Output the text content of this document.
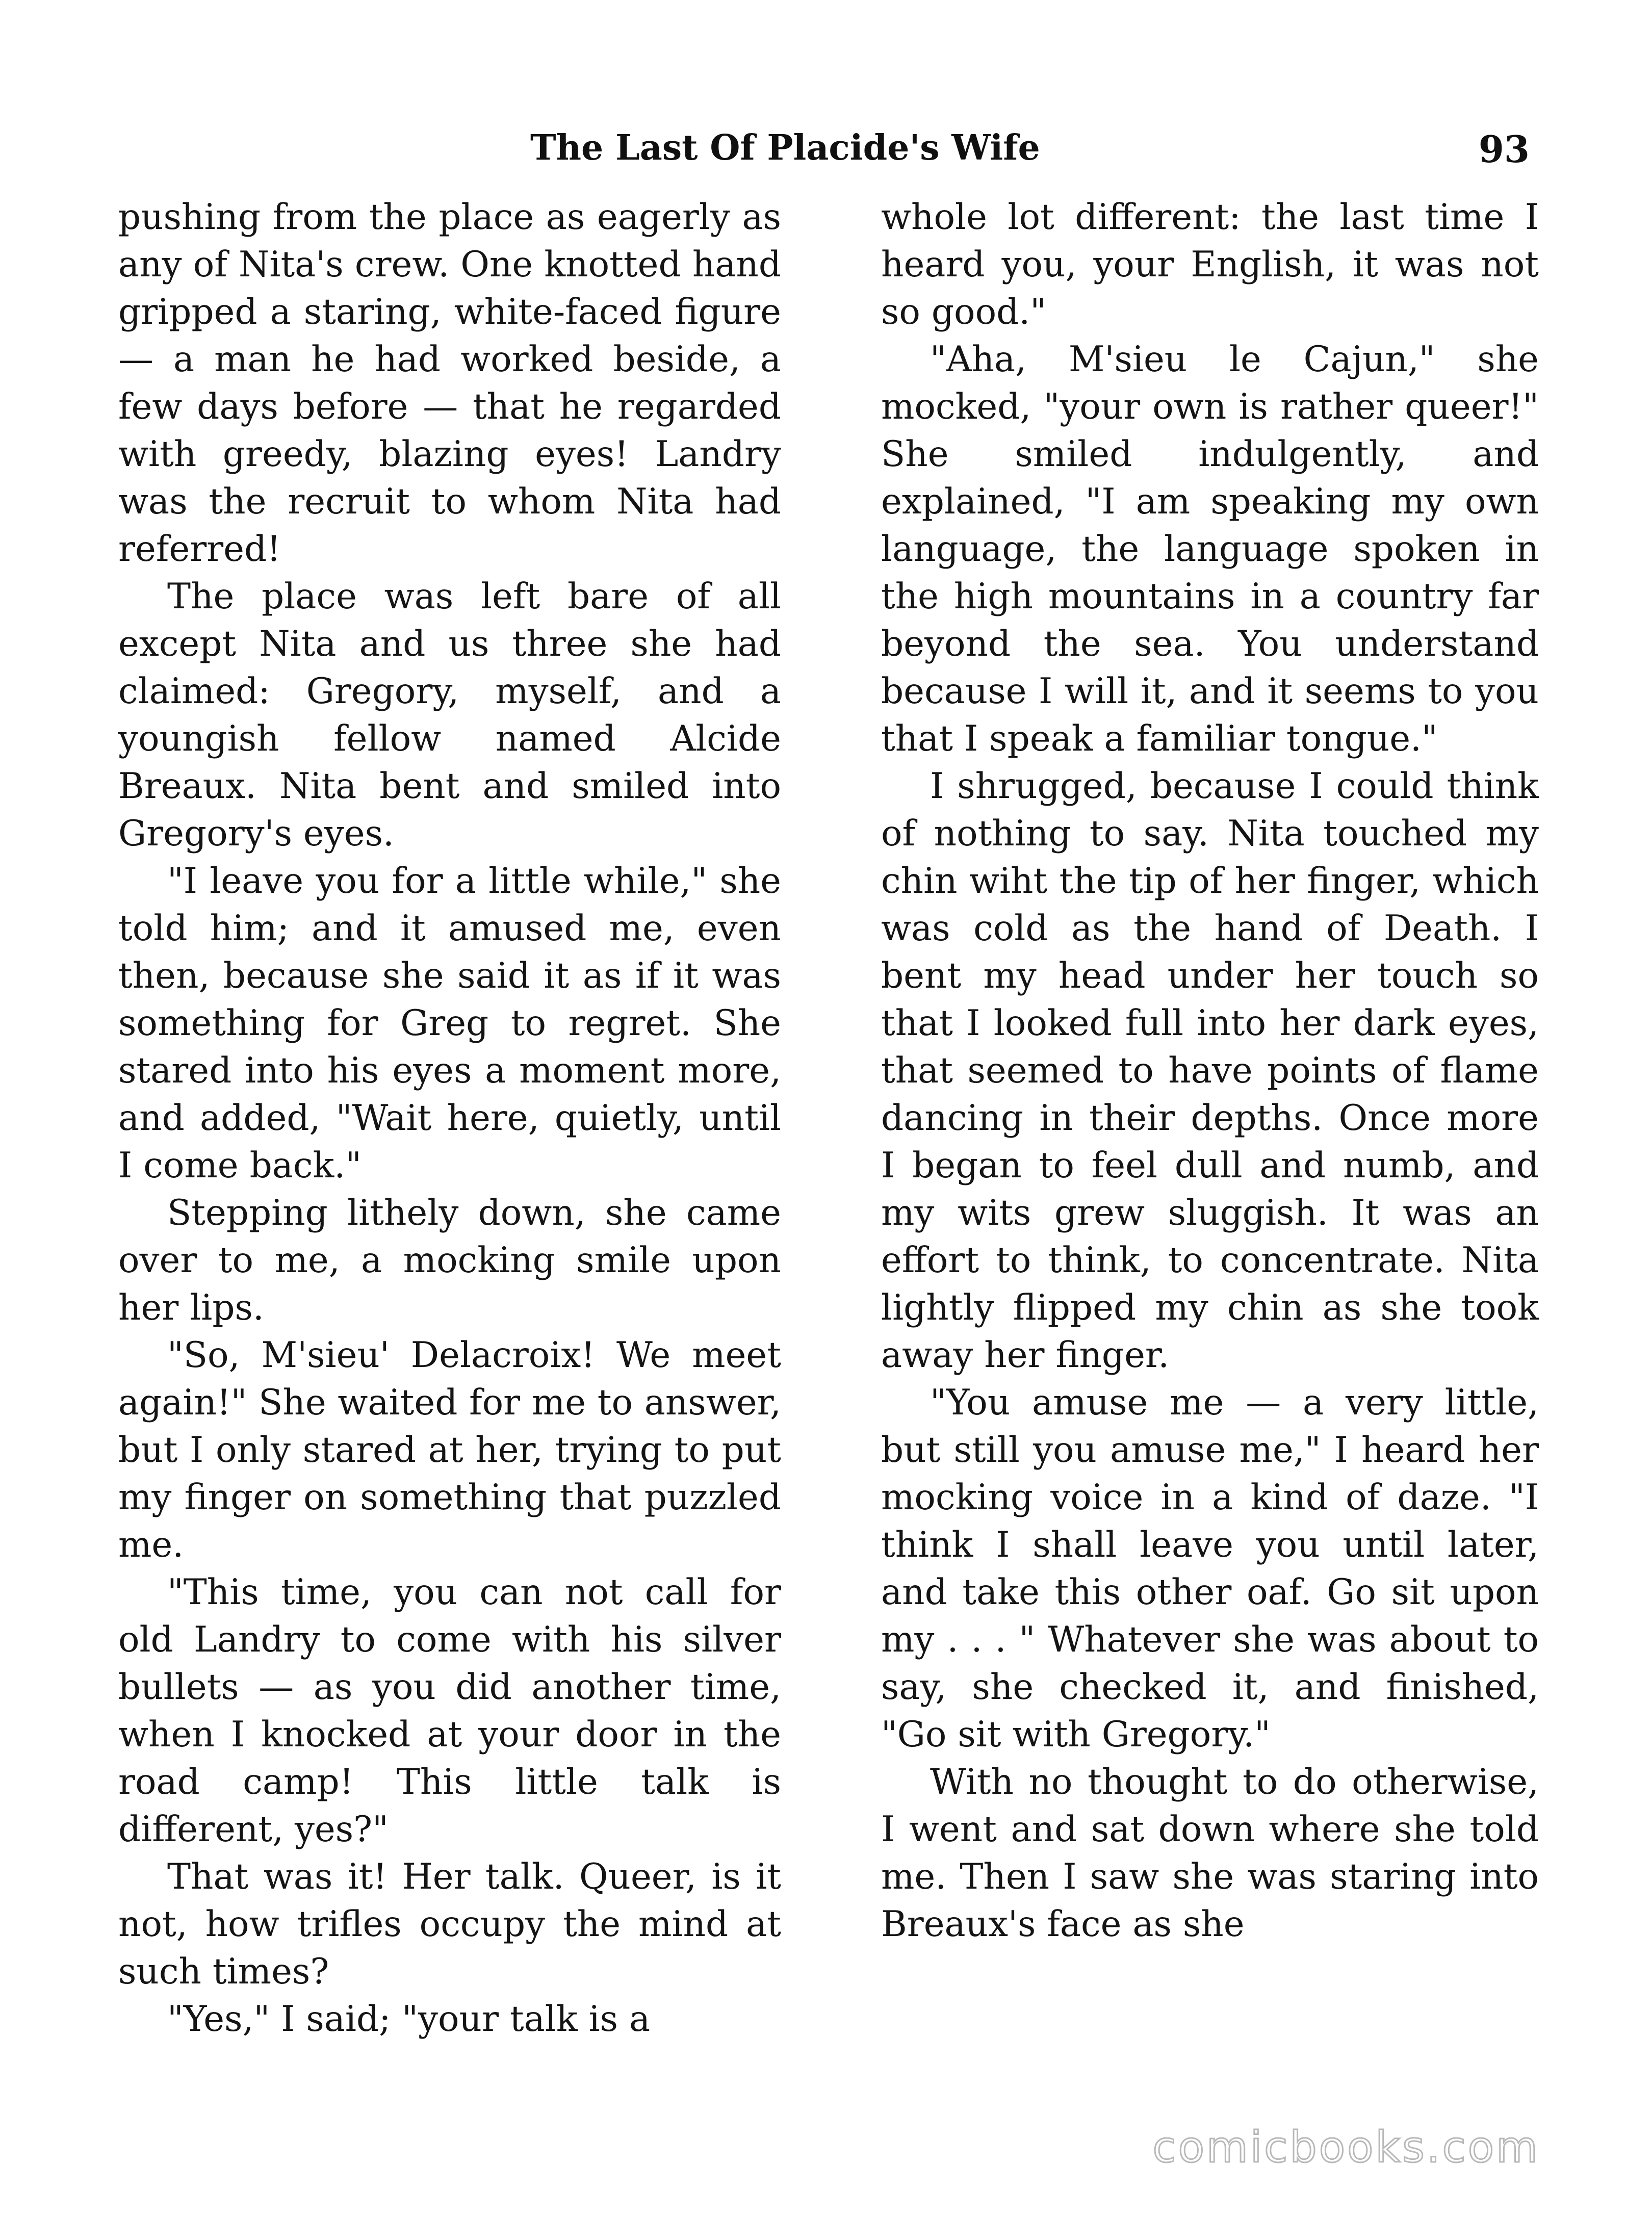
The Last Of Placide's Wife	93

pushing from the place as eagerly as any of Nita's crew. One knotted hand gripped a staring, white-faced figure — a man he had worked beside, a few days before — that he regarded with greedy, blazing eyes! Landry was the recruit to whom Nita had referred!

The place was left bare of all except Nita and us three she had claimed: Gregory, myself, and a youngish fellow named Alcide Breaux. Nita bent and smiled into Gregory's eyes.

"I leave you for a little while," she told him; and it amused me, even then, because she said it as if it was something for Greg to regret. She stared into his eyes a moment more, and added, "Wait here, quietly, until I come back."

Stepping lithely down, she came over to me, a mocking smile upon her lips.

"So, M'sieu' Delacroix! We meet again!" She waited for me to answer, but I only stared at her, trying to put my finger on something that puzzled me.

"This time, you can not call for old Landry to come with his silver bullets — as you did another time, when I knocked at your door in the road camp! This little talk is different, yes?"

That was it! Her talk. Queer, is it not, how trifles occupy the mind at such times?

"Yes," I said; "your talk is a

whole lot different: the last time I heard you, your English, it was not so good."

"Aha, M'sieu le Cajun," she mocked, "your own is rather queer!" She smiled indulgently, and explained, "I am speaking my own language, the language spoken in the high mountains in a country far beyond the sea. You understand because I will it, and it seems to you that I speak a familiar tongue."

I shrugged, because I could think of nothing to say. Nita touched my chin wiht the tip of her finger, which was cold as the hand of Death. I bent my head under her touch so that I looked full into her dark eyes, that seemed to have points of flame dancing in their depths. Once more I began to feel dull and numb, and my wits grew sluggish. It was an effort to think, to concentrate. Nita lightly flipped my chin as she took away her finger.

"You amuse me — a very little, but still you amuse me," I heard her mocking voice in a kind of daze. "I think I shall leave you until later, and take this other oaf. Go sit upon my . . . " Whatever she was about to say, she checked it, and finished, "Go sit with Gregory."

With no thought to do otherwise, I went and sat down where she told me. Then I saw she was staring into Breaux's face as she

comicbooks.com
